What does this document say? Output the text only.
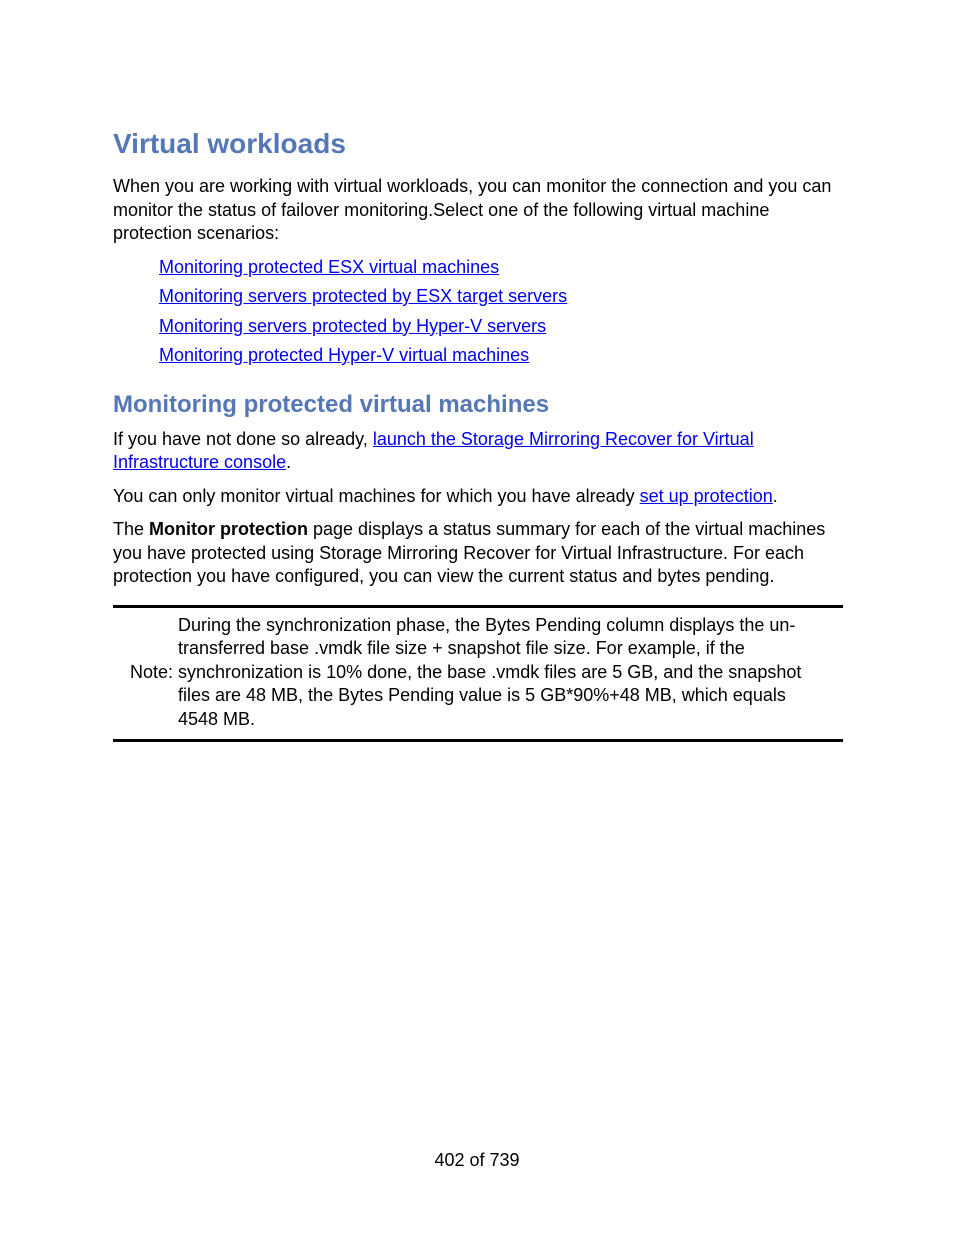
Virtual workloads

When you are working with virtual workloads, you can monitor the connection and you can monitor the status of failover monitoring.Select one of the following virtual machine protection scenarios:

Monitoring protected ESX virtual machines
Monitoring servers protected by ESX target servers
Monitoring servers protected by Hyper-V servers
Monitoring protected Hyper-V virtual machines
Monitoring protected virtual machines

If you have not done so already, launch the Storage Mirroring Recover for Virtual Infrastructure console.

You can only monitor virtual machines for which you have already set up protection.

The Monitor protection page displays a status summary for each of the virtual machines you have protected using Storage Mirroring Recover for Virtual Infrastructure. For each protection you have configured, you can view the current status and bytes pending.

Note:
During the synchronization phase, the Bytes Pending column displays the un-transferred base .vmdk file size + snapshot file size. For example, if the synchronization is 10% done, the base .vmdk files are 5 GB, and the snapshot files are 48 MB, the Bytes Pending value is 5 GB*90%+48 MB, which equals 4548 MB.
402 of 739
